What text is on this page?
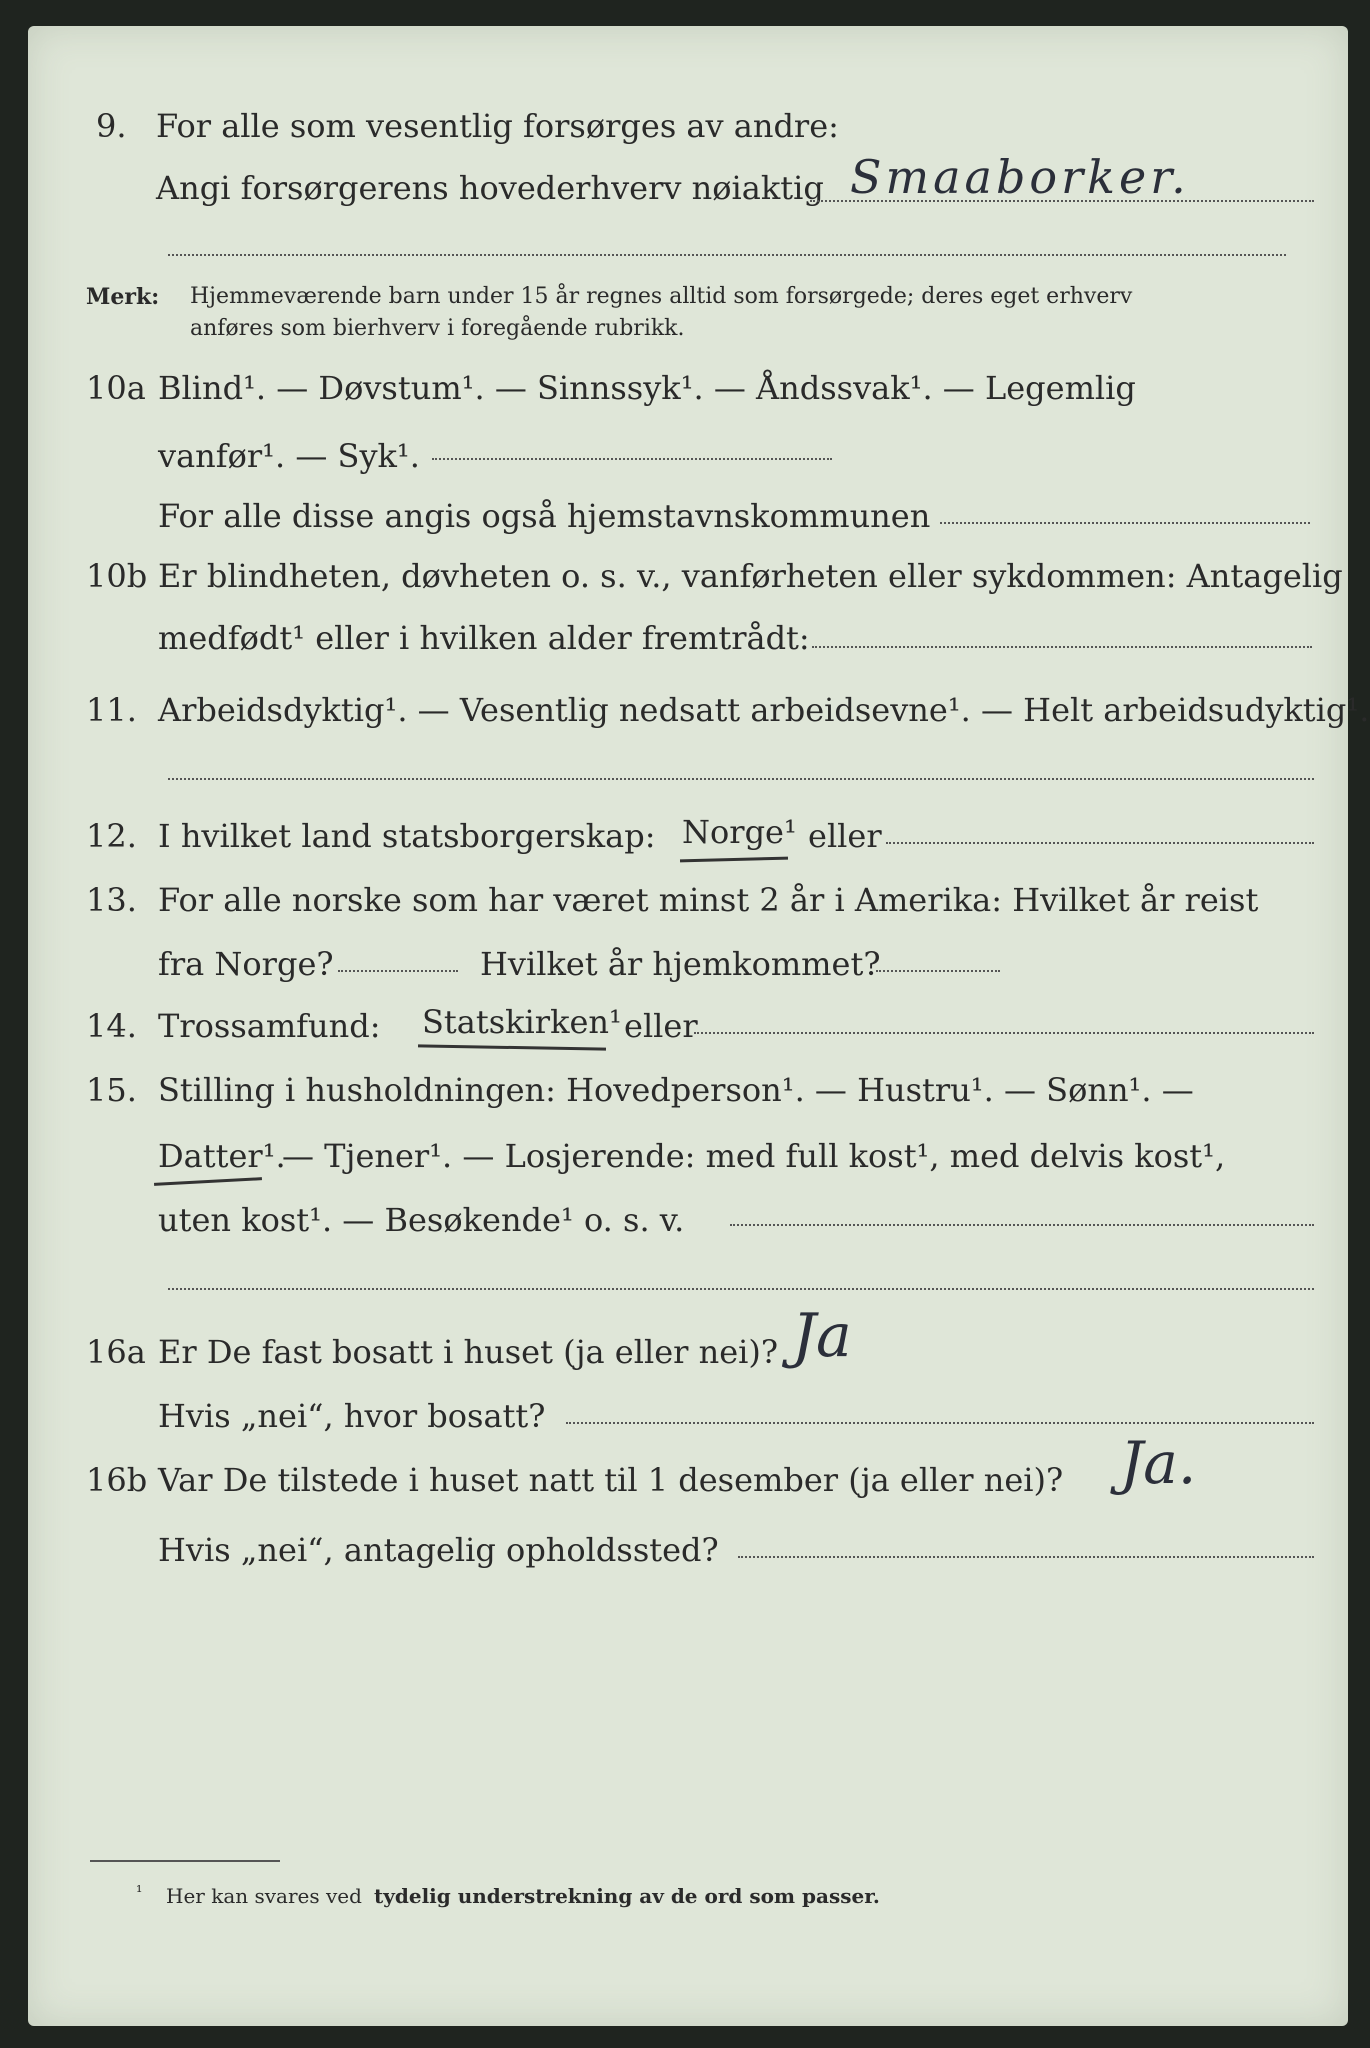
9. For alle som vesentlig forsørges av andre:
Angi forsørgerens hovederhverv nøiaktig Smaaborker.
Merk: Hjemmeværende barn under 15 år regnes alltid som forsørgede; deres eget erhverv
anføres som bierhverv i foregående rubrikk.
10a Blind¹. — Døvstum¹. — Sinnssyk¹. — Åndssvak¹. — Legemlig
vanfør¹. — Syk¹.
For alle disse angis også hjemstavnskommunen
10b Er blindheten, døvheten o. s. v., vanførheten eller sykdommen: Antagelig
medfødt¹ eller i hvilken alder fremtrådt:
11. Arbeidsdyktig¹. — Vesentlig nedsatt arbeidsevne¹. — Helt arbeidsudyktig¹.
12. I hvilket land statsborgerskap: Norge¹ eller
13. For alle norske som har været minst 2 år i Amerika: Hvilket år reist
fra Norge?	Hvilket år hjemkommet?
14. Trossamfund: Statskirken¹ eller
15. Stilling i husholdningen: Hovedperson¹. — Hustru¹. — Sønn¹. —
Datter¹.
— Tjener¹. — Losjerende: med full kost¹, med delvis kost¹,
uten kost¹. — Besøkende¹ o. s. v.
16a Er De fast bosatt i huset (ja eller nei)? Ja
Hvis „nei“, hvor bosatt?
16b Var De tilstede i huset natt til 1 desember (ja eller nei)? Ja.
Hvis „nei“, antagelig opholdssted?
¹ Her kan svares ved tydelig understrekning av de ord som passer.
